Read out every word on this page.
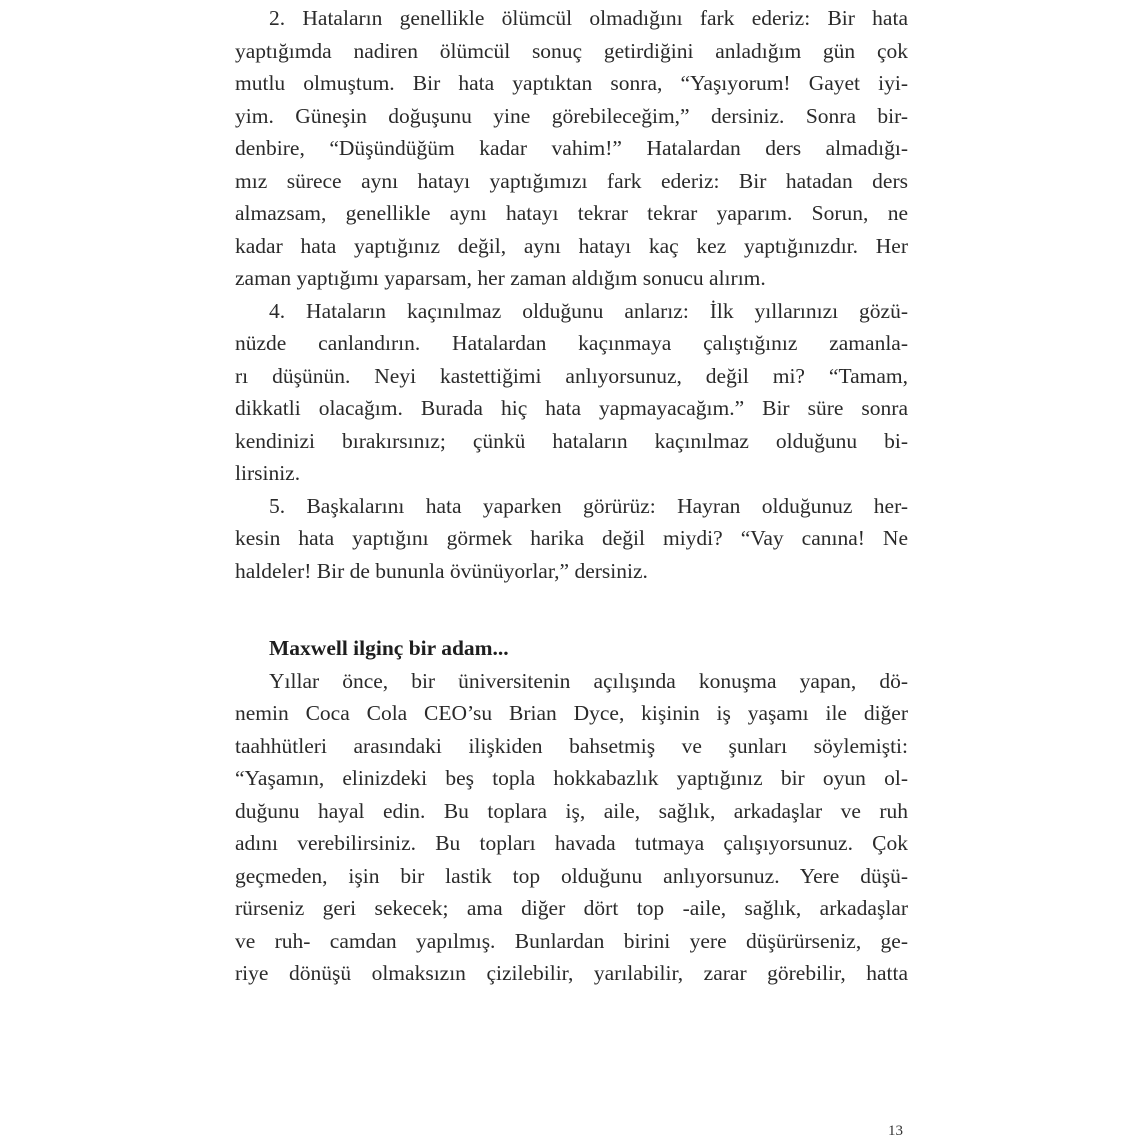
2. Hataların genellikle ölümcül olmadığını fark ederiz: Bir hata
yaptığımda nadiren ölümcül sonuç getirdiğini anladığım gün çok
mutlu olmuştum. Bir hata yaptıktan sonra, “Yaşıyorum! Gayet iyi-
yim. Güneşin doğuşunu yine görebileceğim,” dersiniz. Sonra bir-
denbire, “Düşündüğüm kadar vahim!” Hatalardan ders almadığı-
mız sürece aynı hatayı yaptığımızı fark ederiz: Bir hatadan ders
almazsam, genellikle aynı hatayı tekrar tekrar yaparım. Sorun, ne
kadar hata yaptığınız değil, aynı hatayı kaç kez yaptığınızdır. Her
zaman yaptığımı yaparsam, her zaman aldığım sonucu alırım.
4. Hataların kaçınılmaz olduğunu anlarız: İlk yıllarınızı gözü-
nüzde canlandırın. Hatalardan kaçınmaya çalıştığınız zamanla-
rı düşünün. Neyi kastettiğimi anlıyorsunuz, değil mi? “Tamam,
dikkatli olacağım. Burada hiç hata yapmayacağım.” Bir süre sonra
kendinizi bırakırsınız; çünkü hataların kaçınılmaz olduğunu bi-
lirsiniz.
5. Başkalarını hata yaparken görürüz: Hayran olduğunuz her-
kesin hata yaptığını görmek harika değil miydi? “Vay canına! Ne
haldeler! Bir de bununla övünüyorlar,” dersiniz.
Maxwell ilginç bir adam...
Yıllar önce, bir üniversitenin açılışında konuşma yapan, dö-
nemin Coca Cola CEO’su Brian Dyce, kişinin iş yaşamı ile diğer
taahhütleri arasındaki ilişkiden bahsetmiş ve şunları söylemişti:
“Yaşamın, elinizdeki beş topla hokkabazlık yaptığınız bir oyun ol-
duğunu hayal edin. Bu toplara iş, aile, sağlık, arkadaşlar ve ruh
adını verebilirsiniz. Bu topları havada tutmaya çalışıyorsunuz. Çok
geçmeden, işin bir lastik top olduğunu anlıyorsunuz. Yere düşü-
rürseniz geri sekecek; ama diğer dört top -aile, sağlık, arkadaşlar
ve ruh- camdan yapılmış. Bunlardan birini yere düşürürseniz, ge-
riye dönüşü olmaksızın çizilebilir, yarılabilir, zarar görebilir, hatta
13
